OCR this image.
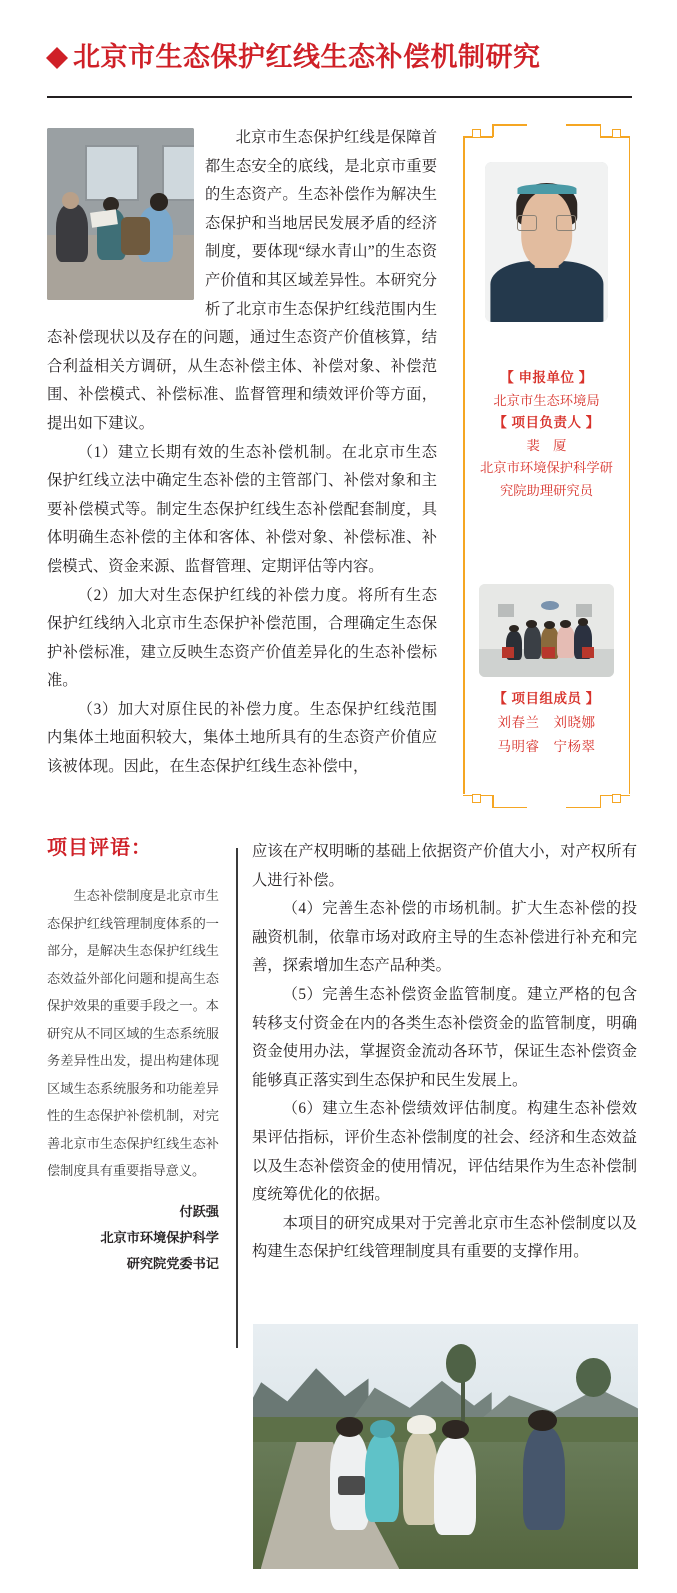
北京市生态保护红线生态补偿机制研究

北京市生态保护红线是保障首都生态安全的底线，是北京市重要的生态资产。生态补偿作为解决生态保护和当地居民发展矛盾的经济制度，要体现“绿水青山”的生态资产价值和其区域差异性。本研究分析了北京市生态保护红线范围内生态补偿现状以及存在的问题，通过生态资产价值核算，结合利益相关方调研，从生态补偿主体、补偿对象、补偿范围、补偿模式、补偿标准、监督管理和绩效评价等方面，提出如下建议。

（1）建立长期有效的生态补偿机制。在北京市生态保护红线立法中确定生态补偿的主管部门、补偿对象和主要补偿模式等。制定生态保护红线生态补偿配套制度，具体明确生态补偿的主体和客体、补偿对象、补偿标准、补偿模式、资金来源、监督管理、定期评估等内容。

（2）加大对生态保护红线的补偿力度。将所有生态保护红线纳入北京市生态保护补偿范围，合理确定生态保护补偿标准，建立反映生态资产价值差异化的生态补偿标准。

（3）加大对原住民的补偿力度。生态保护红线范围内集体土地面积较大，集体土地所具有的生态资产价值应该被体现。因此，在生态保护红线生态补偿中，

【 申报单位 】
北京市生态环境局
【 项目负责人 】
裴　厦
北京市环境保护科学研
究院助理研究员
【 项目组成员 】
刘春兰 刘晓娜
马明睿 宁杨翠
项目评语：

生态补偿制度是北京市生态保护红线管理制度体系的一部分，是解决生态保护红线生态效益外部化问题和提高生态保护效果的重要手段之一。本研究从不同区域的生态系统服务差异性出发，提出构建体现区域生态系统服务和功能差异性的生态保护补偿机制，对完善北京市生态保护红线生态补偿制度具有重要指导意义。

付跃强
北京市环境保护科学
研究院党委书记

应该在产权明晰的基础上依据资产价值大小，对产权所有人进行补偿。

（4）完善生态补偿的市场机制。扩大生态补偿的投融资机制，依靠市场对政府主导的生态补偿进行补充和完善，探索增加生态产品种类。

（5）完善生态补偿资金监管制度。建立严格的包含转移支付资金在内的各类生态补偿资金的监管制度，明确资金使用办法，掌握资金流动各环节，保证生态补偿资金能够真正落实到生态保护和民生发展上。

（6）建立生态补偿绩效评估制度。构建生态补偿效果评估指标，评价生态补偿制度的社会、经济和生态效益以及生态补偿资金的使用情况，评估结果作为生态补偿制度统筹优化的依据。

本项目的研究成果对于完善北京市生态补偿制度以及构建生态保护红线管理制度具有重要的支撑作用。
